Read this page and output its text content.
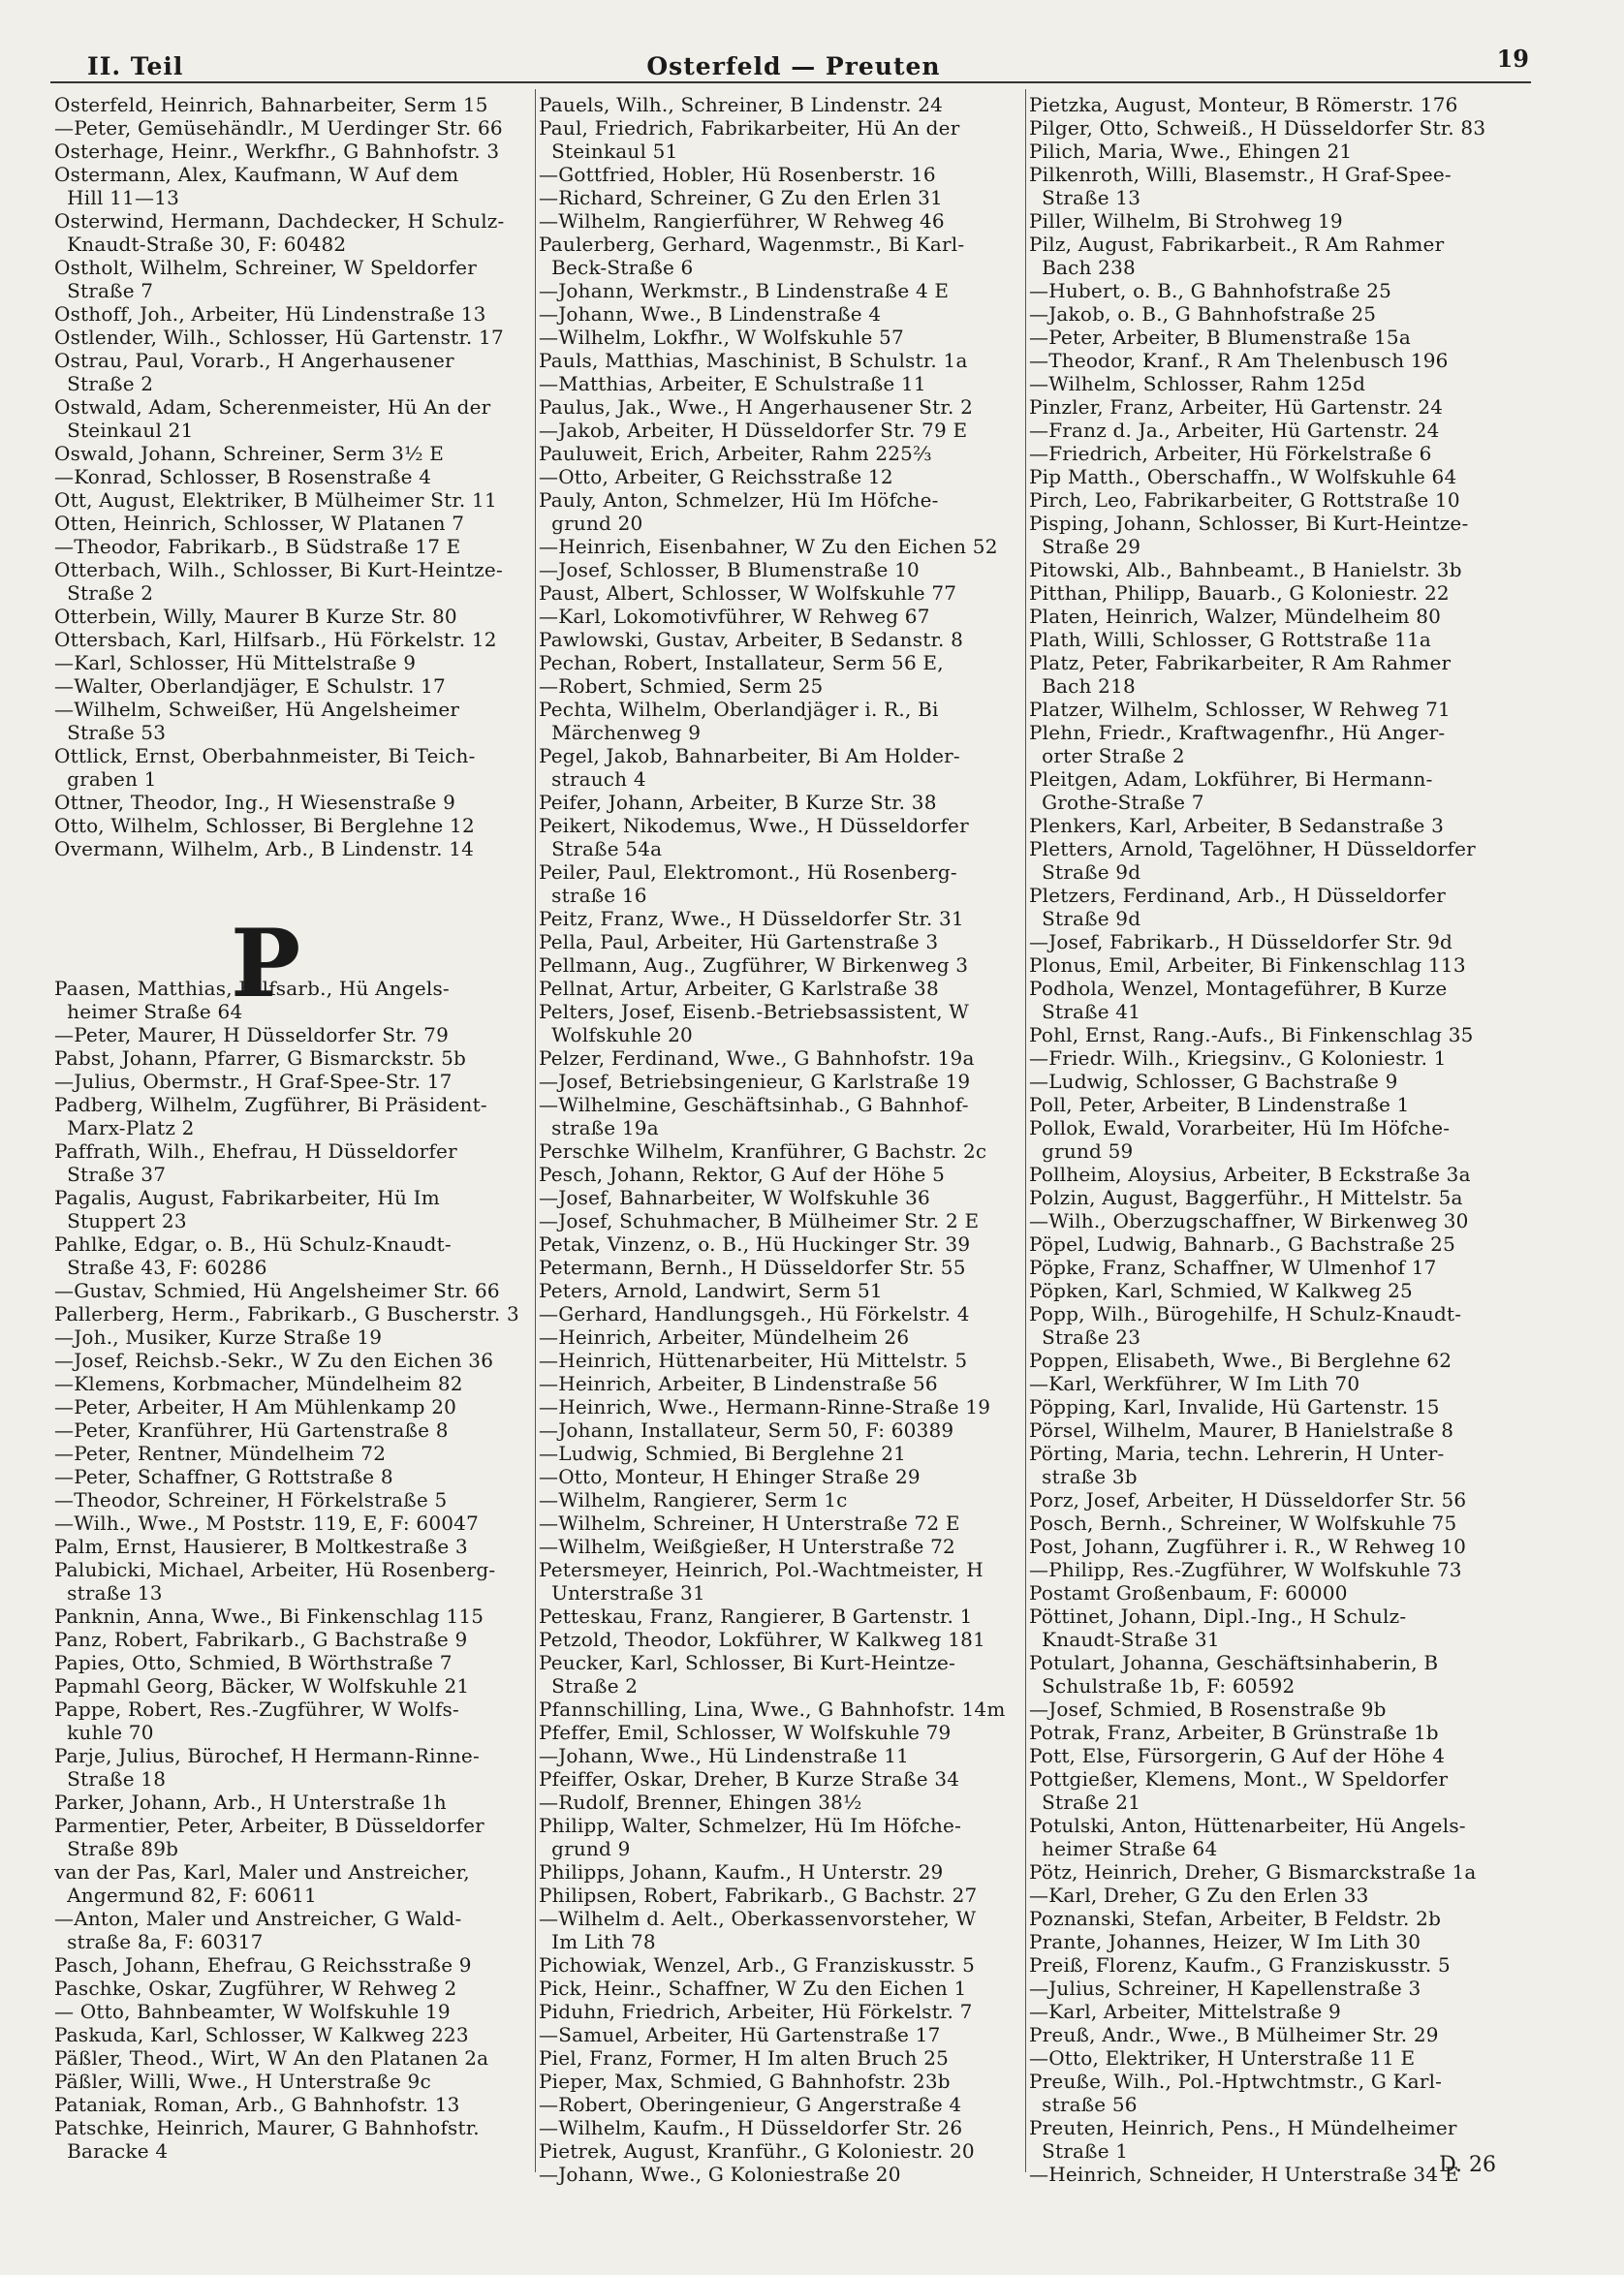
II. Teil	Osterfeld — Preuten	19
Osterfeld, Heinrich, Bahnarbeiter, Serm 15
—Peter, Gemüsehändlr., M Uerdinger Str. 66
Osterhage, Heinr., Werkfhr., G Bahnhofstr. 3
Ostermann, Alex, Kaufmann, W Auf dem
Hill 11—13
Osterwind, Hermann, Dachdecker, H Schulz-
Knaudt-Straße 30, F: 60482
Ostholt, Wilhelm, Schreiner, W Speldorfer
Straße 7
Osthoff, Joh., Arbeiter, Hü Lindenstraße 13
Ostlender, Wilh., Schlosser, Hü Gartenstr. 17
Ostrau, Paul, Vorarb., H Angerhausener
Straße 2
Ostwald, Adam, Scherenmeister, Hü An der
Steinkaul 21
Oswald, Johann, Schreiner, Serm 3½ E
—Konrad, Schlosser, B Rosenstraße 4
Ott, August, Elektriker, B Mülheimer Str. 11
Otten, Heinrich, Schlosser, W Platanen 7
—Theodor, Fabrikarb., B Südstraße 17 E
Otterbach, Wilh., Schlosser, Bi Kurt-Heintze-
Straße 2
Otterbein, Willy, Maurer B Kurze Str. 80
Ottersbach, Karl, Hilfsarb., Hü Förkelstr. 12
—Karl, Schlosser, Hü Mittelstraße 9
—Walter, Oberlandjäger, E Schulstr. 17
—Wilhelm, Schweißer, Hü Angelsheimer
Straße 53
Ottlick, Ernst, Oberbahnmeister, Bi Teich-
graben 1
Ottner, Theodor, Ing., H Wiesenstraße 9
Otto, Wilhelm, Schlosser, Bi Berglehne 12
Overmann, Wilhelm, Arb., B Lindenstr. 14
Paasen, Matthias, Hilfsarb., Hü Angels-
heimer Straße 64
—Peter, Maurer, H Düsseldorfer Str. 79
Pabst, Johann, Pfarrer, G Bismarckstr. 5b
—Julius, Obermstr., H Graf-Spee-Str. 17
Padberg, Wilhelm, Zugführer, Bi Präsident-
Marx-Platz 2
Paffrath, Wilh., Ehefrau, H Düsseldorfer
Straße 37
Pagalis, August, Fabrikarbeiter, Hü Im
Stuppert 23
Pahlke, Edgar, o. B., Hü Schulz-Knaudt-
Straße 43, F: 60286
—Gustav, Schmied, Hü Angelsheimer Str. 66
Pallerberg, Herm., Fabrikarb., G Buscherstr. 3
—Joh., Musiker, Kurze Straße 19
—Josef, Reichsb.-Sekr., W Zu den Eichen 36
—Klemens, Korbmacher, Mündelheim 82
—Peter, Arbeiter, H Am Mühlenkamp 20
—Peter, Kranführer, Hü Gartenstraße 8
—Peter, Rentner, Mündelheim 72
—Peter, Schaffner, G Rottstraße 8
—Theodor, Schreiner, H Förkelstraße 5
—Wilh., Wwe., M Poststr. 119, E, F: 60047
Palm, Ernst, Hausierer, B Moltkestraße 3
Palubicki, Michael, Arbeiter, Hü Rosenberg-
straße 13
Panknin, Anna, Wwe., Bi Finkenschlag 115
Panz, Robert, Fabrikarb., G Bachstraße 9
Papies, Otto, Schmied, B Wörthstraße 7
Papmahl Georg, Bäcker, W Wolfskuhle 21
Pappe, Robert, Res.-Zugführer, W Wolfs-
kuhle 70
Parje, Julius, Bürochef, H Hermann-Rinne-
Straße 18
Parker, Johann, Arb., H Unterstraße 1h
Parmentier, Peter, Arbeiter, B Düsseldorfer
Straße 89b
van der Pas, Karl, Maler und Anstreicher,
Angermund 82, F: 60611
—Anton, Maler und Anstreicher, G Wald-
straße 8a, F: 60317
Pasch, Johann, Ehefrau, G Reichsstraße 9
Paschke, Oskar, Zugführer, W Rehweg 2
— Otto, Bahnbeamter, W Wolfskuhle 19
Paskuda, Karl, Schlosser, W Kalkweg 223
Päßler, Theod., Wirt, W An den Platanen 2a
Päßler, Willi, Wwe., H Unterstraße 9c
Pataniak, Roman, Arb., G Bahnhofstr. 13
Patschke, Heinrich, Maurer, G Bahnhofstr.
Baracke 4
Pauels, Wilh., Schreiner, B Lindenstr. 24
Paul, Friedrich, Fabrikarbeiter, Hü An der
Steinkaul 51
—Gottfried, Hobler, Hü Rosenberstr. 16
—Richard, Schreiner, G Zu den Erlen 31
—Wilhelm, Rangierführer, W Rehweg 46
Paulerberg, Gerhard, Wagenmstr., Bi Karl-
Beck-Straße 6
—Johann, Werkmstr., B Lindenstraße 4 E
—Johann, Wwe., B Lindenstraße 4
—Wilhelm, Lokfhr., W Wolfskuhle 57
Pauls, Matthias, Maschinist, B Schulstr. 1a
—Matthias, Arbeiter, E Schulstraße 11
Paulus, Jak., Wwe., H Angerhausener Str. 2
—Jakob, Arbeiter, H Düsseldorfer Str. 79 E
Pauluweit, Erich, Arbeiter, Rahm 225⅔
—Otto, Arbeiter, G Reichsstraße 12
Pauly, Anton, Schmelzer, Hü Im Höfche-
grund 20
—Heinrich, Eisenbahner, W Zu den Eichen 52
—Josef, Schlosser, B Blumenstraße 10
Paust, Albert, Schlosser, W Wolfskuhle 77
—Karl, Lokomotivführer, W Rehweg 67
Pawlowski, Gustav, Arbeiter, B Sedanstr. 8
Pechan, Robert, Installateur, Serm 56 E,
—Robert, Schmied, Serm 25
Pechta, Wilhelm, Oberlandjäger i. R., Bi
Märchenweg 9
Pegel, Jakob, Bahnarbeiter, Bi Am Holder-
strauch 4
Peifer, Johann, Arbeiter, B Kurze Str. 38
Peikert, Nikodemus, Wwe., H Düsseldorfer
Straße 54a
Peiler, Paul, Elektromont., Hü Rosenberg-
straße 16
Peitz, Franz, Wwe., H Düsseldorfer Str. 31
Pella, Paul, Arbeiter, Hü Gartenstraße 3
Pellmann, Aug., Zugführer, W Birkenweg 3
Pellnat, Artur, Arbeiter, G Karlstraße 38
Pelters, Josef, Eisenb.-Betriebsassistent, W
Wolfskuhle 20
Pelzer, Ferdinand, Wwe., G Bahnhofstr. 19a
—Josef, Betriebsingenieur, G Karlstraße 19
—Wilhelmine, Geschäftsinhab., G Bahnhof-
straße 19a
Perschke Wilhelm, Kranführer, G Bachstr. 2c
Pesch, Johann, Rektor, G Auf der Höhe 5
—Josef, Bahnarbeiter, W Wolfskuhle 36
—Josef, Schuhmacher, B Mülheimer Str. 2 E
Petak, Vinzenz, o. B., Hü Huckinger Str. 39
Petermann, Bernh., H Düsseldorfer Str. 55
Peters, Arnold, Landwirt, Serm 51
—Gerhard, Handlungsgeh., Hü Förkelstr. 4
—Heinrich, Arbeiter, Mündelheim 26
—Heinrich, Hüttenarbeiter, Hü Mittelstr. 5
—Heinrich, Arbeiter, B Lindenstraße 56
—Heinrich, Wwe., Hermann-Rinne-Straße 19
—Johann, Installateur, Serm 50, F: 60389
—Ludwig, Schmied, Bi Berglehne 21
—Otto, Monteur, H Ehinger Straße 29
—Wilhelm, Rangierer, Serm 1c
—Wilhelm, Schreiner, H Unterstraße 72 E
—Wilhelm, Weißgießer, H Unterstraße 72
Petersmeyer, Heinrich, Pol.-Wachtmeister, H
Unterstraße 31
Petteskau, Franz, Rangierer, B Gartenstr. 1
Petzold, Theodor, Lokführer, W Kalkweg 181
Peucker, Karl, Schlosser, Bi Kurt-Heintze-
Straße 2
Pfannschilling, Lina, Wwe., G Bahnhofstr. 14m
Pfeffer, Emil, Schlosser, W Wolfskuhle 79
—Johann, Wwe., Hü Lindenstraße 11
Pfeiffer, Oskar, Dreher, B Kurze Straße 34
—Rudolf, Brenner, Ehingen 38½
Philipp, Walter, Schmelzer, Hü Im Höfche-
grund 9
Philipps, Johann, Kaufm., H Unterstr. 29
Philipsen, Robert, Fabrikarb., G Bachstr. 27
—Wilhelm d. Aelt., Oberkassenvorsteher, W
Im Lith 78
Pichowiak, Wenzel, Arb., G Franziskusstr. 5
Pick, Heinr., Schaffner, W Zu den Eichen 1
Piduhn, Friedrich, Arbeiter, Hü Förkelstr. 7
—Samuel, Arbeiter, Hü Gartenstraße 17
Piel, Franz, Former, H Im alten Bruch 25
Pieper, Max, Schmied, G Bahnhofstr. 23b
—Robert, Oberingenieur, G Angerstraße 4
—Wilhelm, Kaufm., H Düsseldorfer Str. 26
Pietrek, August, Kranführ., G Koloniestr. 20
—Johann, Wwe., G Koloniestraße 20
Pietzka, August, Monteur, B Römerstr. 176
Pilger, Otto, Schweiß., H Düsseldorfer Str. 83
Pilich, Maria, Wwe., Ehingen 21
Pilkenroth, Willi, Blasemstr., H Graf-Spee-
Straße 13
Piller, Wilhelm, Bi Strohweg 19
Pilz, August, Fabrikarbeit., R Am Rahmer
Bach 238
—Hubert, o. B., G Bahnhofstraße 25
—Jakob, o. B., G Bahnhofstraße 25
—Peter, Arbeiter, B Blumenstraße 15a
—Theodor, Kranf., R Am Thelenbusch 196
—Wilhelm, Schlosser, Rahm 125d
Pinzler, Franz, Arbeiter, Hü Gartenstr. 24
—Franz d. Ja., Arbeiter, Hü Gartenstr. 24
—Friedrich, Arbeiter, Hü Förkelstraße 6
Pip Matth., Oberschaffn., W Wolfskuhle 64
Pirch, Leo, Fabrikarbeiter, G Rottstraße 10
Pisping, Johann, Schlosser, Bi Kurt-Heintze-
Straße 29
Pitowski, Alb., Bahnbeamt., B Hanielstr. 3b
Pitthan, Philipp, Bauarb., G Koloniestr. 22
Platen, Heinrich, Walzer, Mündelheim 80
Plath, Willi, Schlosser, G Rottstraße 11a
Platz, Peter, Fabrikarbeiter, R Am Rahmer
Bach 218
Platzer, Wilhelm, Schlosser, W Rehweg 71
Plehn, Friedr., Kraftwagenfhr., Hü Anger-
orter Straße 2
Pleitgen, Adam, Lokführer, Bi Hermann-
Grothe-Straße 7
Plenkers, Karl, Arbeiter, B Sedanstraße 3
Pletters, Arnold, Tagelöhner, H Düsseldorfer
Straße 9d
Pletzers, Ferdinand, Arb., H Düsseldorfer
Straße 9d
—Josef, Fabrikarb., H Düsseldorfer Str. 9d
Plonus, Emil, Arbeiter, Bi Finkenschlag 113
Podhola, Wenzel, Montageführer, B Kurze
Straße 41
Pohl, Ernst, Rang.-Aufs., Bi Finkenschlag 35
—Friedr. Wilh., Kriegsinv., G Koloniestr. 1
—Ludwig, Schlosser, G Bachstraße 9
Poll, Peter, Arbeiter, B Lindenstraße 1
Pollok, Ewald, Vorarbeiter, Hü Im Höfche-
grund 59
Pollheim, Aloysius, Arbeiter, B Eckstraße 3a
Polzin, August, Baggerführ., H Mittelstr. 5a
—Wilh., Oberzugschaffner, W Birkenweg 30
Pöpel, Ludwig, Bahnarb., G Bachstraße 25
Pöpke, Franz, Schaffner, W Ulmenhof 17
Pöpken, Karl, Schmied, W Kalkweg 25
Popp, Wilh., Bürogehilfe, H Schulz-Knaudt-
Straße 23
Poppen, Elisabeth, Wwe., Bi Berglehne 62
—Karl, Werkführer, W Im Lith 70
Pöpping, Karl, Invalide, Hü Gartenstr. 15
Pörsel, Wilhelm, Maurer, B Hanielstraße 8
Pörting, Maria, techn. Lehrerin, H Unter-
straße 3b
Porz, Josef, Arbeiter, H Düsseldorfer Str. 56
Posch, Bernh., Schreiner, W Wolfskuhle 75
Post, Johann, Zugführer i. R., W Rehweg 10
—Philipp, Res.-Zugführer, W Wolfskuhle 73
Postamt Großenbaum, F: 60000
Pöttinet, Johann, Dipl.-Ing., H Schulz-
Knaudt-Straße 31
Potulart, Johanna, Geschäftsinhaberin, B
Schulstraße 1b, F: 60592
—Josef, Schmied, B Rosenstraße 9b
Potrak, Franz, Arbeiter, B Grünstraße 1b
Pott, Else, Fürsorgerin, G Auf der Höhe 4
Pottgießer, Klemens, Mont., W Speldorfer
Straße 21
Potulski, Anton, Hüttenarbeiter, Hü Angels-
heimer Straße 64
Pötz, Heinrich, Dreher, G Bismarckstraße 1a
—Karl, Dreher, G Zu den Erlen 33
Poznanski, Stefan, Arbeiter, B Feldstr. 2b
Prante, Johannes, Heizer, W Im Lith 30
Preiß, Florenz, Kaufm., G Franziskusstr. 5
—Julius, Schreiner, H Kapellenstraße 3
—Karl, Arbeiter, Mittelstraße 9
Preuß, Andr., Wwe., B Mülheimer Str. 29
—Otto, Elektriker, H Unterstraße 11 E
Preuße, Wilh., Pol.-Hptwchtmstr., G Karl-
straße 56
Preuten, Heinrich, Pens., H Mündelheimer
Straße 1
—Heinrich, Schneider, H Unterstraße 34 E
P
D. 26
